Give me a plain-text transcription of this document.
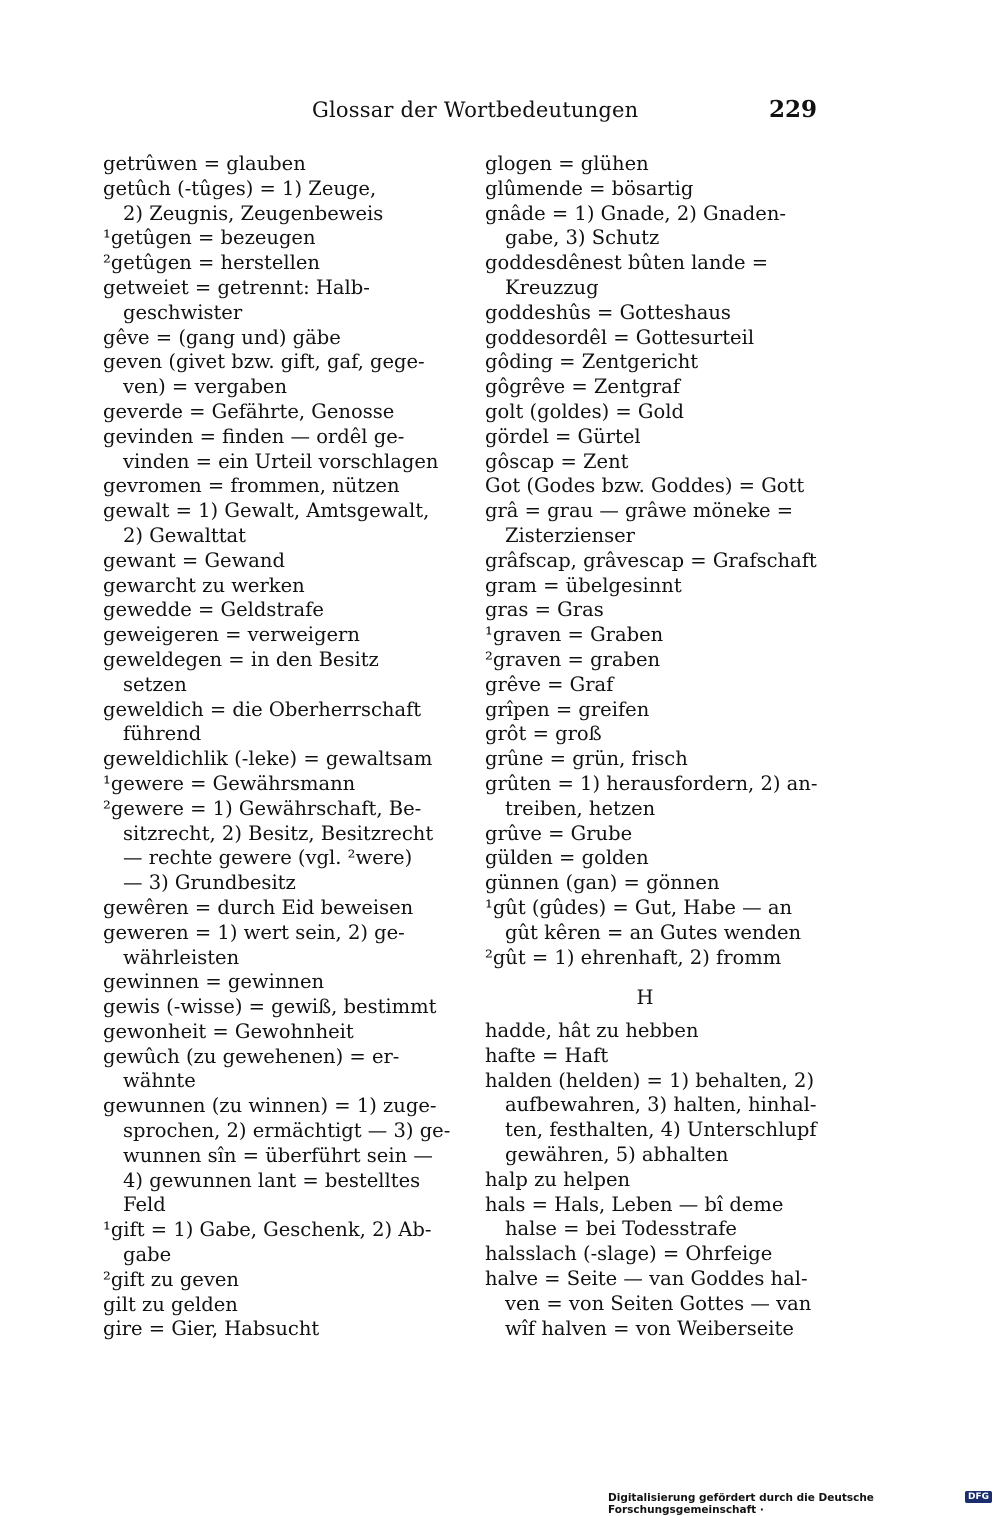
Glossar der Wortbedeutungen	229
getrûwen = glauben
getûch (-tûges) = 1) Zeuge,
2) Zeugnis, Zeugenbeweis
¹getûgen = bezeugen
²getûgen = herstellen
getweiet = getrennt: Halb-
geschwister
gêve = (gang und) gäbe
geven (givet bzw. gift, gaf, gege-
ven) = vergaben
geverde = Gefährte, Genosse
gevinden = finden — ordêl ge-
vinden = ein Urteil vorschlagen
gevromen = frommen, nützen
gewalt = 1) Gewalt, Amtsgewalt,
2) Gewalttat
gewant = Gewand
gewarcht zu werken
gewedde = Geldstrafe
geweigeren = verweigern
geweldegen = in den Besitz
setzen
geweldich = die Oberherrschaft
führend
geweldichlik (-leke) = gewaltsam
¹gewere = Gewährsmann
²gewere = 1) Gewährschaft, Be-
sitzrecht, 2) Besitz, Besitzrecht
— rechte gewere (vgl. ²were)
— 3) Grundbesitz
gewêren = durch Eid beweisen
geweren = 1) wert sein, 2) ge-
währleisten
gewinnen = gewinnen
gewis (-wisse) = gewiß, bestimmt
gewonheit = Gewohnheit
gewûch (zu gewehenen) = er-
wähnte
gewunnen (zu winnen) = 1) zuge-
sprochen, 2) ermächtigt — 3) ge-
wunnen sîn = überführt sein —
4) gewunnen lant = bestelltes
Feld
¹gift = 1) Gabe, Geschenk, 2) Ab-
gabe
²gift zu geven
gilt zu gelden
gire = Gier, Habsucht
glogen = glühen
glûmende = bösartig
gnâde = 1) Gnade, 2) Gnaden-
gabe, 3) Schutz
goddesdênest bûten lande =
Kreuzzug
goddeshûs = Gotteshaus
goddesordêl = Gottesurteil
gôding = Zentgericht
gôgrêve = Zentgraf
golt (goldes) = Gold
gördel = Gürtel
gôscap = Zent
Got (Godes bzw. Goddes) = Gott
grâ = grau — grâwe möneke =
Zisterzienser
grâfscap, grâvescap = Grafschaft
gram = übelgesinnt
gras = Gras
¹graven = Graben
²graven = graben
grêve = Graf
grîpen = greifen
grôt = groß
grûne = grün, frisch
grûten = 1) herausfordern, 2) an-
treiben, hetzen
grûve = Grube
gülden = golden
günnen (gan) = gönnen
¹gût (gûdes) = Gut, Habe — an
gût kêren = an Gutes wenden
²gût = 1) ehrenhaft, 2) fromm
H
hadde, hât zu hebben
hafte = Haft
halden (helden) = 1) behalten, 2)
aufbewahren, 3) halten, hinhal-
ten, festhalten, 4) Unterschlupf
gewähren, 5) abhalten
halp zu helpen
hals = Hals, Leben — bî deme
halse = bei Todesstrafe
halsslach (-slage) = Ohrfeige
halve = Seite — van Goddes hal-
ven = von Seiten Gottes — van
wîf halven = von Weiberseite
Digitalisierung gefördert durch die Deutsche Forschungsgemeinschaft ·
DFG
